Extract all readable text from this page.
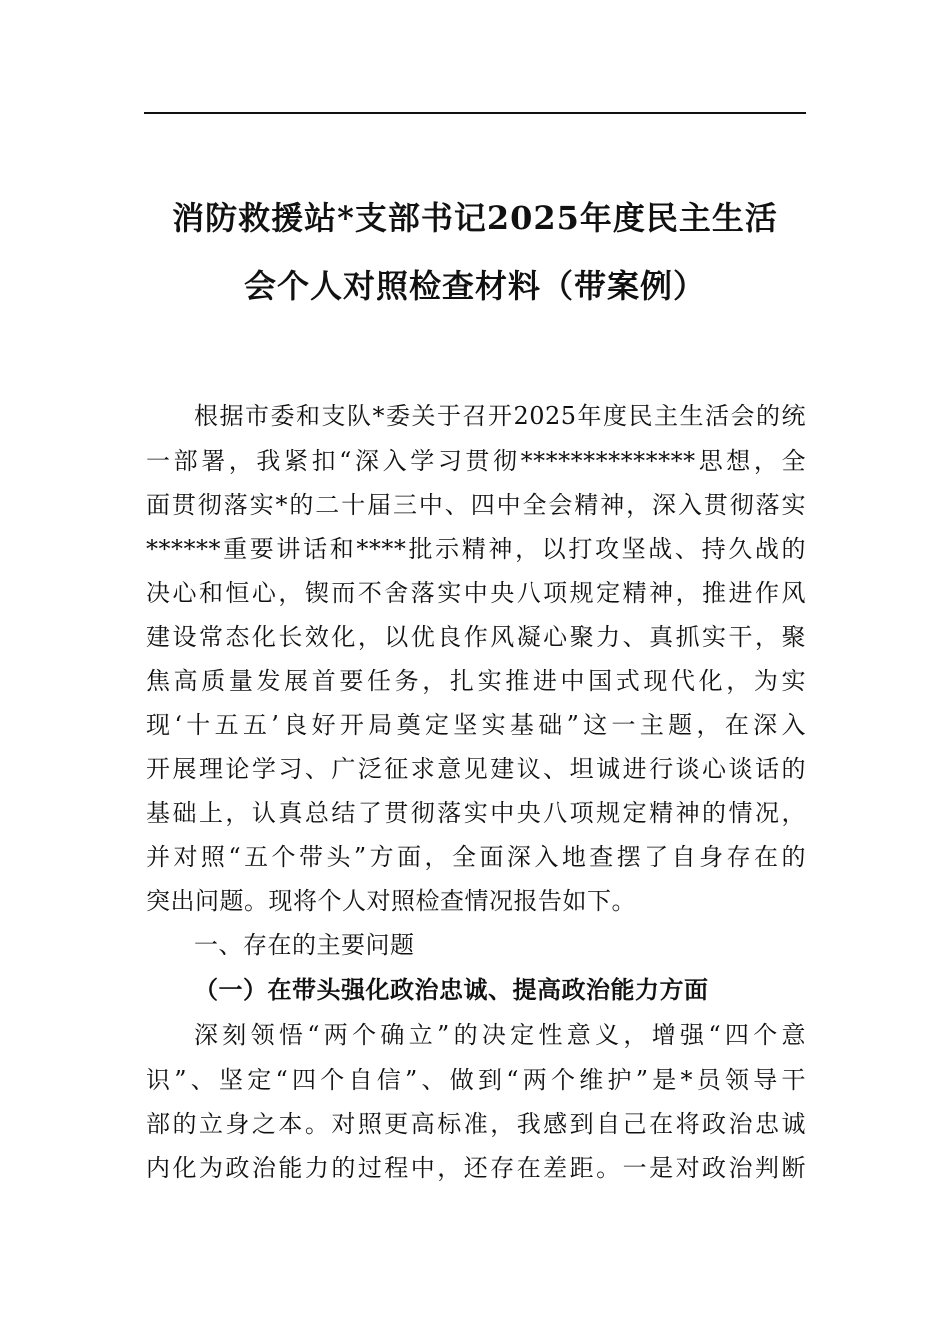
消防救援站*支部书记2025年度民主生活
会个人对照检查材料（带案例）
根据市委和支队*委关于召开2025年度民主生活会的统
一部署，我紧扣“深入学习贯彻**************思想，全
面贯彻落实*的二十届三中、四中全会精神，深入贯彻落实
******重要讲话和****批示精神，以打攻坚战、持久战的
决心和恒心，锲而不舍落实中央八项规定精神，推进作风
建设常态化长效化，以优良作风凝心聚力、真抓实干，聚
焦高质量发展首要任务，扎实推进中国式现代化，为实
现‘十五五’良好开局奠定坚实基础”这一主题，在深入
开展理论学习、广泛征求意见建议、坦诚进行谈心谈话的
基础上，认真总结了贯彻落实中央八项规定精神的情况，
并对照“五个带头”方面，全面深入地查摆了自身存在的
突出问题。现将个人对照检查情况报告如下。
一、存在的主要问题
（一）在带头强化政治忠诚、提高政治能力方面
深刻领悟“两个确立”的决定性意义，增强“四个意
识”、坚定“四个自信”、做到“两个维护”是*员领导干
部的立身之本。对照更高标准，我感到自己在将政治忠诚
内化为政治能力的过程中，还存在差距。一是对政治判断
